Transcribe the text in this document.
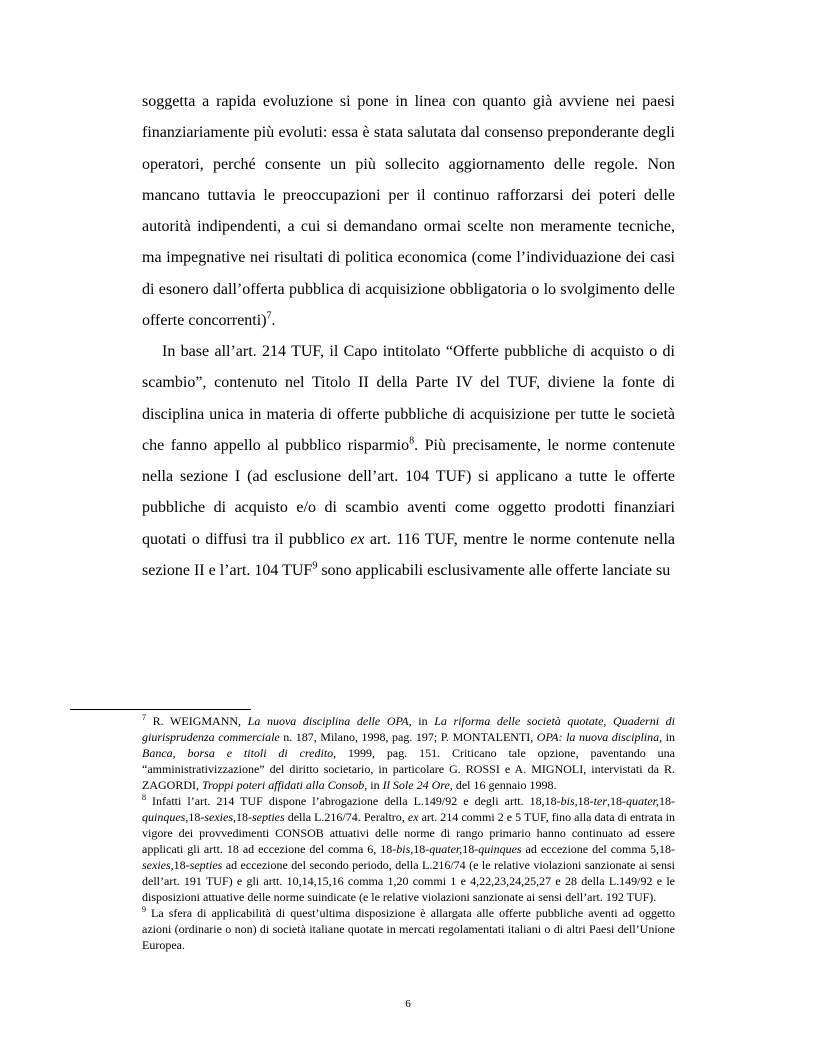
soggetta a rapida evoluzione si pone in linea con quanto già avviene nei paesi finanziariamente più evoluti: essa è stata salutata dal consenso preponderante degli operatori, perché consente un più sollecito aggiornamento delle regole. Non mancano tuttavia le preoccupazioni per il continuo rafforzarsi dei poteri delle autorità indipendenti, a cui si demandano ormai scelte non meramente tecniche, ma impegnative nei risultati di politica economica (come l’individuazione dei casi di esonero dall’offerta pubblica di acquisizione obbligatoria o lo svolgimento delle offerte concorrenti)$^7$.

In base all’art. 214 TUF, il Capo intitolato “Offerte pubbliche di acquisto o di scambio”, contenuto nel Titolo II della Parte IV del TUF, diviene la fonte di disciplina unica in materia di offerte pubbliche di acquisizione per tutte le società che fanno appello al pubblico risparmio$^8$. Più precisamente, le norme contenute nella sezione I (ad esclusione dell’art. 104 TUF) si applicano a tutte le offerte pubbliche di acquisto e/o di scambio aventi come oggetto prodotti finanziari quotati o diffusi tra il pubblico ex art. 116 TUF, mentre le norme contenute nella sezione II e l’art. 104 TUF$^9$ sono applicabili esclusivamente alle offerte lanciate su

$^7$ R. WEIGMANN, La nuova disciplina delle OPA, in La riforma delle società quotate, Quaderni di giurisprudenza commerciale n. 187, Milano, 1998, pag. 197; P. MONTALENTI, OPA: la nuova disciplina, in Banca, borsa e titoli di credito, 1999, pag. 151. Criticano tale opzione, paventando una “amministrativizzazione” del diritto societario, in particolare G. ROSSI e A. MIGNOLI, intervistati da R. ZAGORDI, Troppi poteri affidati alla Consob, in Il Sole 24 Ore, del 16 gennaio 1998.

$^8$ Infatti l’art. 214 TUF dispone l’abrogazione della L.149/92 e degli artt. 18,18-bis,18-ter,18-quater,18-quinques,18-sexies,18-septies della L.216/74. Peraltro, ex art. 214 commi 2 e 5 TUF, fino alla data di entrata in vigore dei provvedimenti CONSOB attuativi delle norme di rango primario hanno continuato ad essere applicati gli artt. 18 ad eccezione del comma 6, 18-bis,18-quater,18-quinques ad eccezione del comma 5,18-sexies,18-septies ad eccezione del secondo periodo, della L.216/74 (e le relative violazioni sanzionate ai sensi dell’art. 191 TUF) e gli artt. 10,14,15,16 comma 1,20 commi 1 e 4,22,23,24,25,27 e 28 della L.149/92 e le disposizioni attuative delle norme suindicate (e le relative violazioni sanzionate ai sensi dell’art. 192 TUF).

$^9$ La sfera di applicabilità di quest’ultima disposizione è allargata alle offerte pubbliche aventi ad oggetto azioni (ordinarie o non) di società italiane quotate in mercati regolamentati italiani o di altri Paesi dell’Unione Europea.

6
